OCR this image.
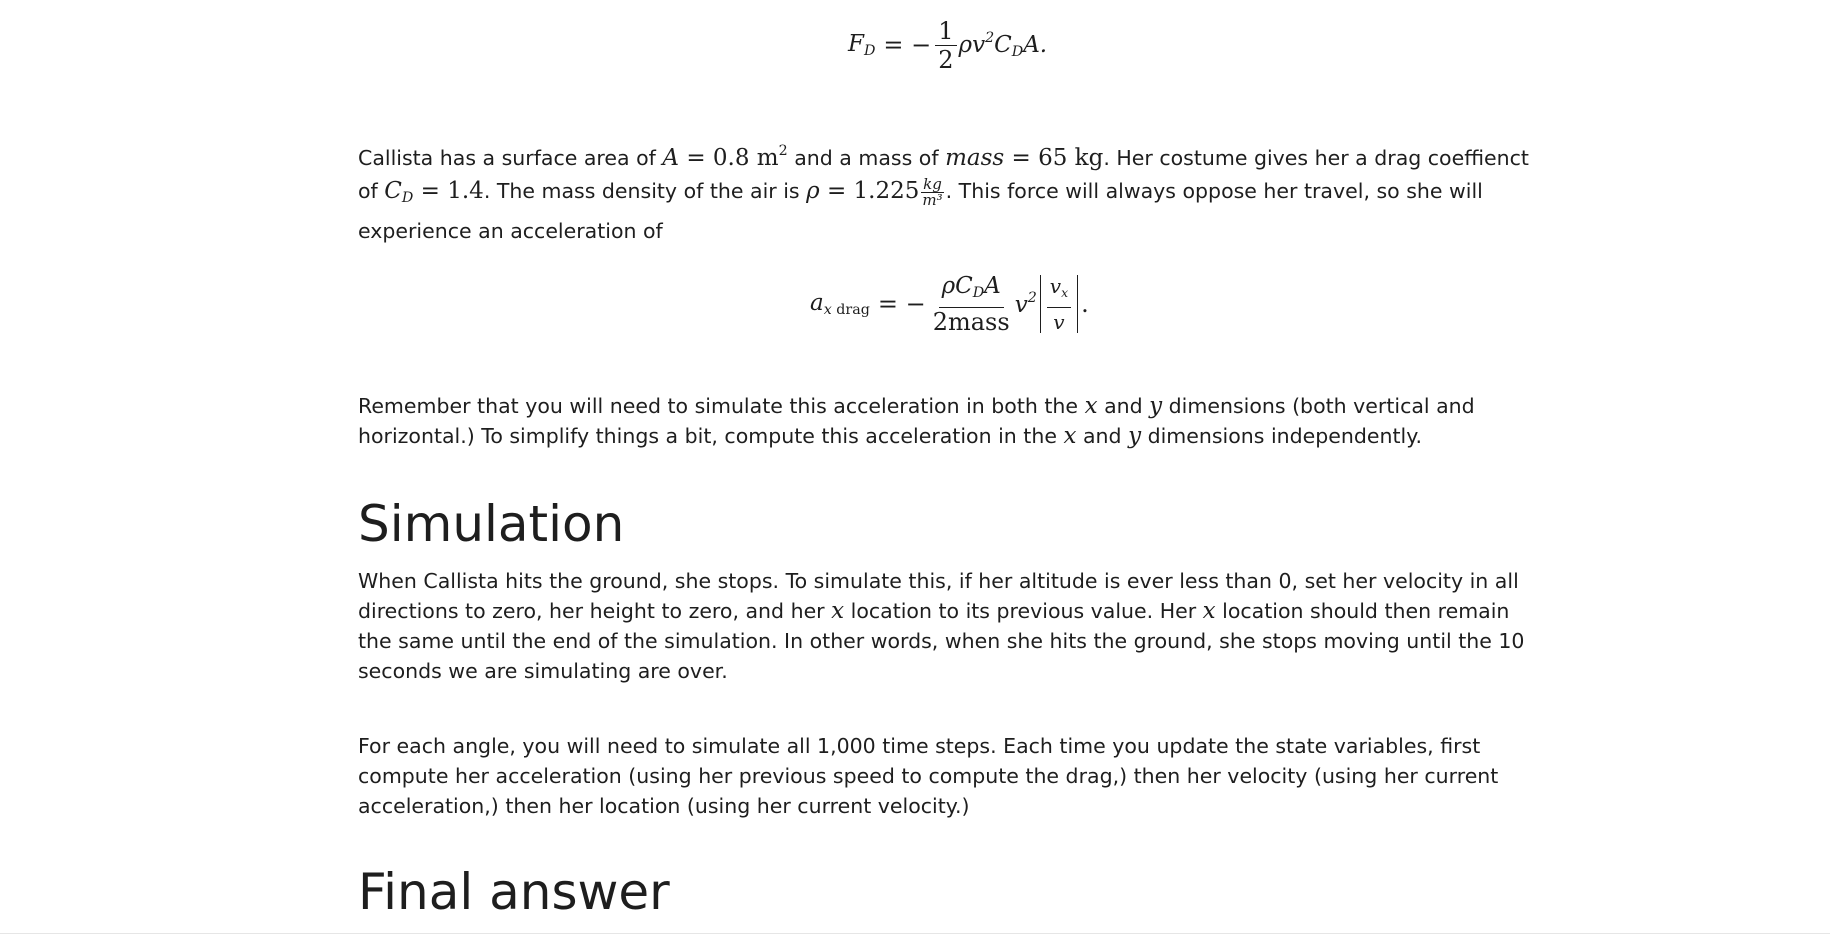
$F_D$ = − $\frac{1}{2} \rho v^2C_DA$.

Callista has a surface area of A = 0.8 $m^2$ and a mass of mass = 65 kg. Her costume gives her a drag coeffienct of $C_D = 1.4$. The mass density of the air is $\rho = 1.225 \frac{kg}{\text{m³}}$ . This force will always oppose her travel, so she will experience an acceleration of

$a_{x drag}$ = − $\frac{\rho C_DA}{\text{2mass}} v^2 \frac{v_x}{v}$ .

Remember that you will need to simulate this acceleration in both the x and y dimensions (both vertical and horizontal.) To simplify things a bit, compute this acceleration in the x and y dimensions independently.

Simulation

When Callista hits the ground, she stops. To simulate this, if her altitude is ever less than 0, set her velocity in all directions to zero, her height to zero, and her x location to its previous value. Her x location should then remain the same until the end of the simulation. In other words, when she hits the ground, she stops moving until the 10 seconds we are simulating are over.

For each angle, you will need to simulate all 1,000 time steps. Each time you update the state variables, first compute her acceleration (using her previous speed to compute the drag,) then her velocity (using her current acceleration,) then her location (using her current velocity.)

Final answer
